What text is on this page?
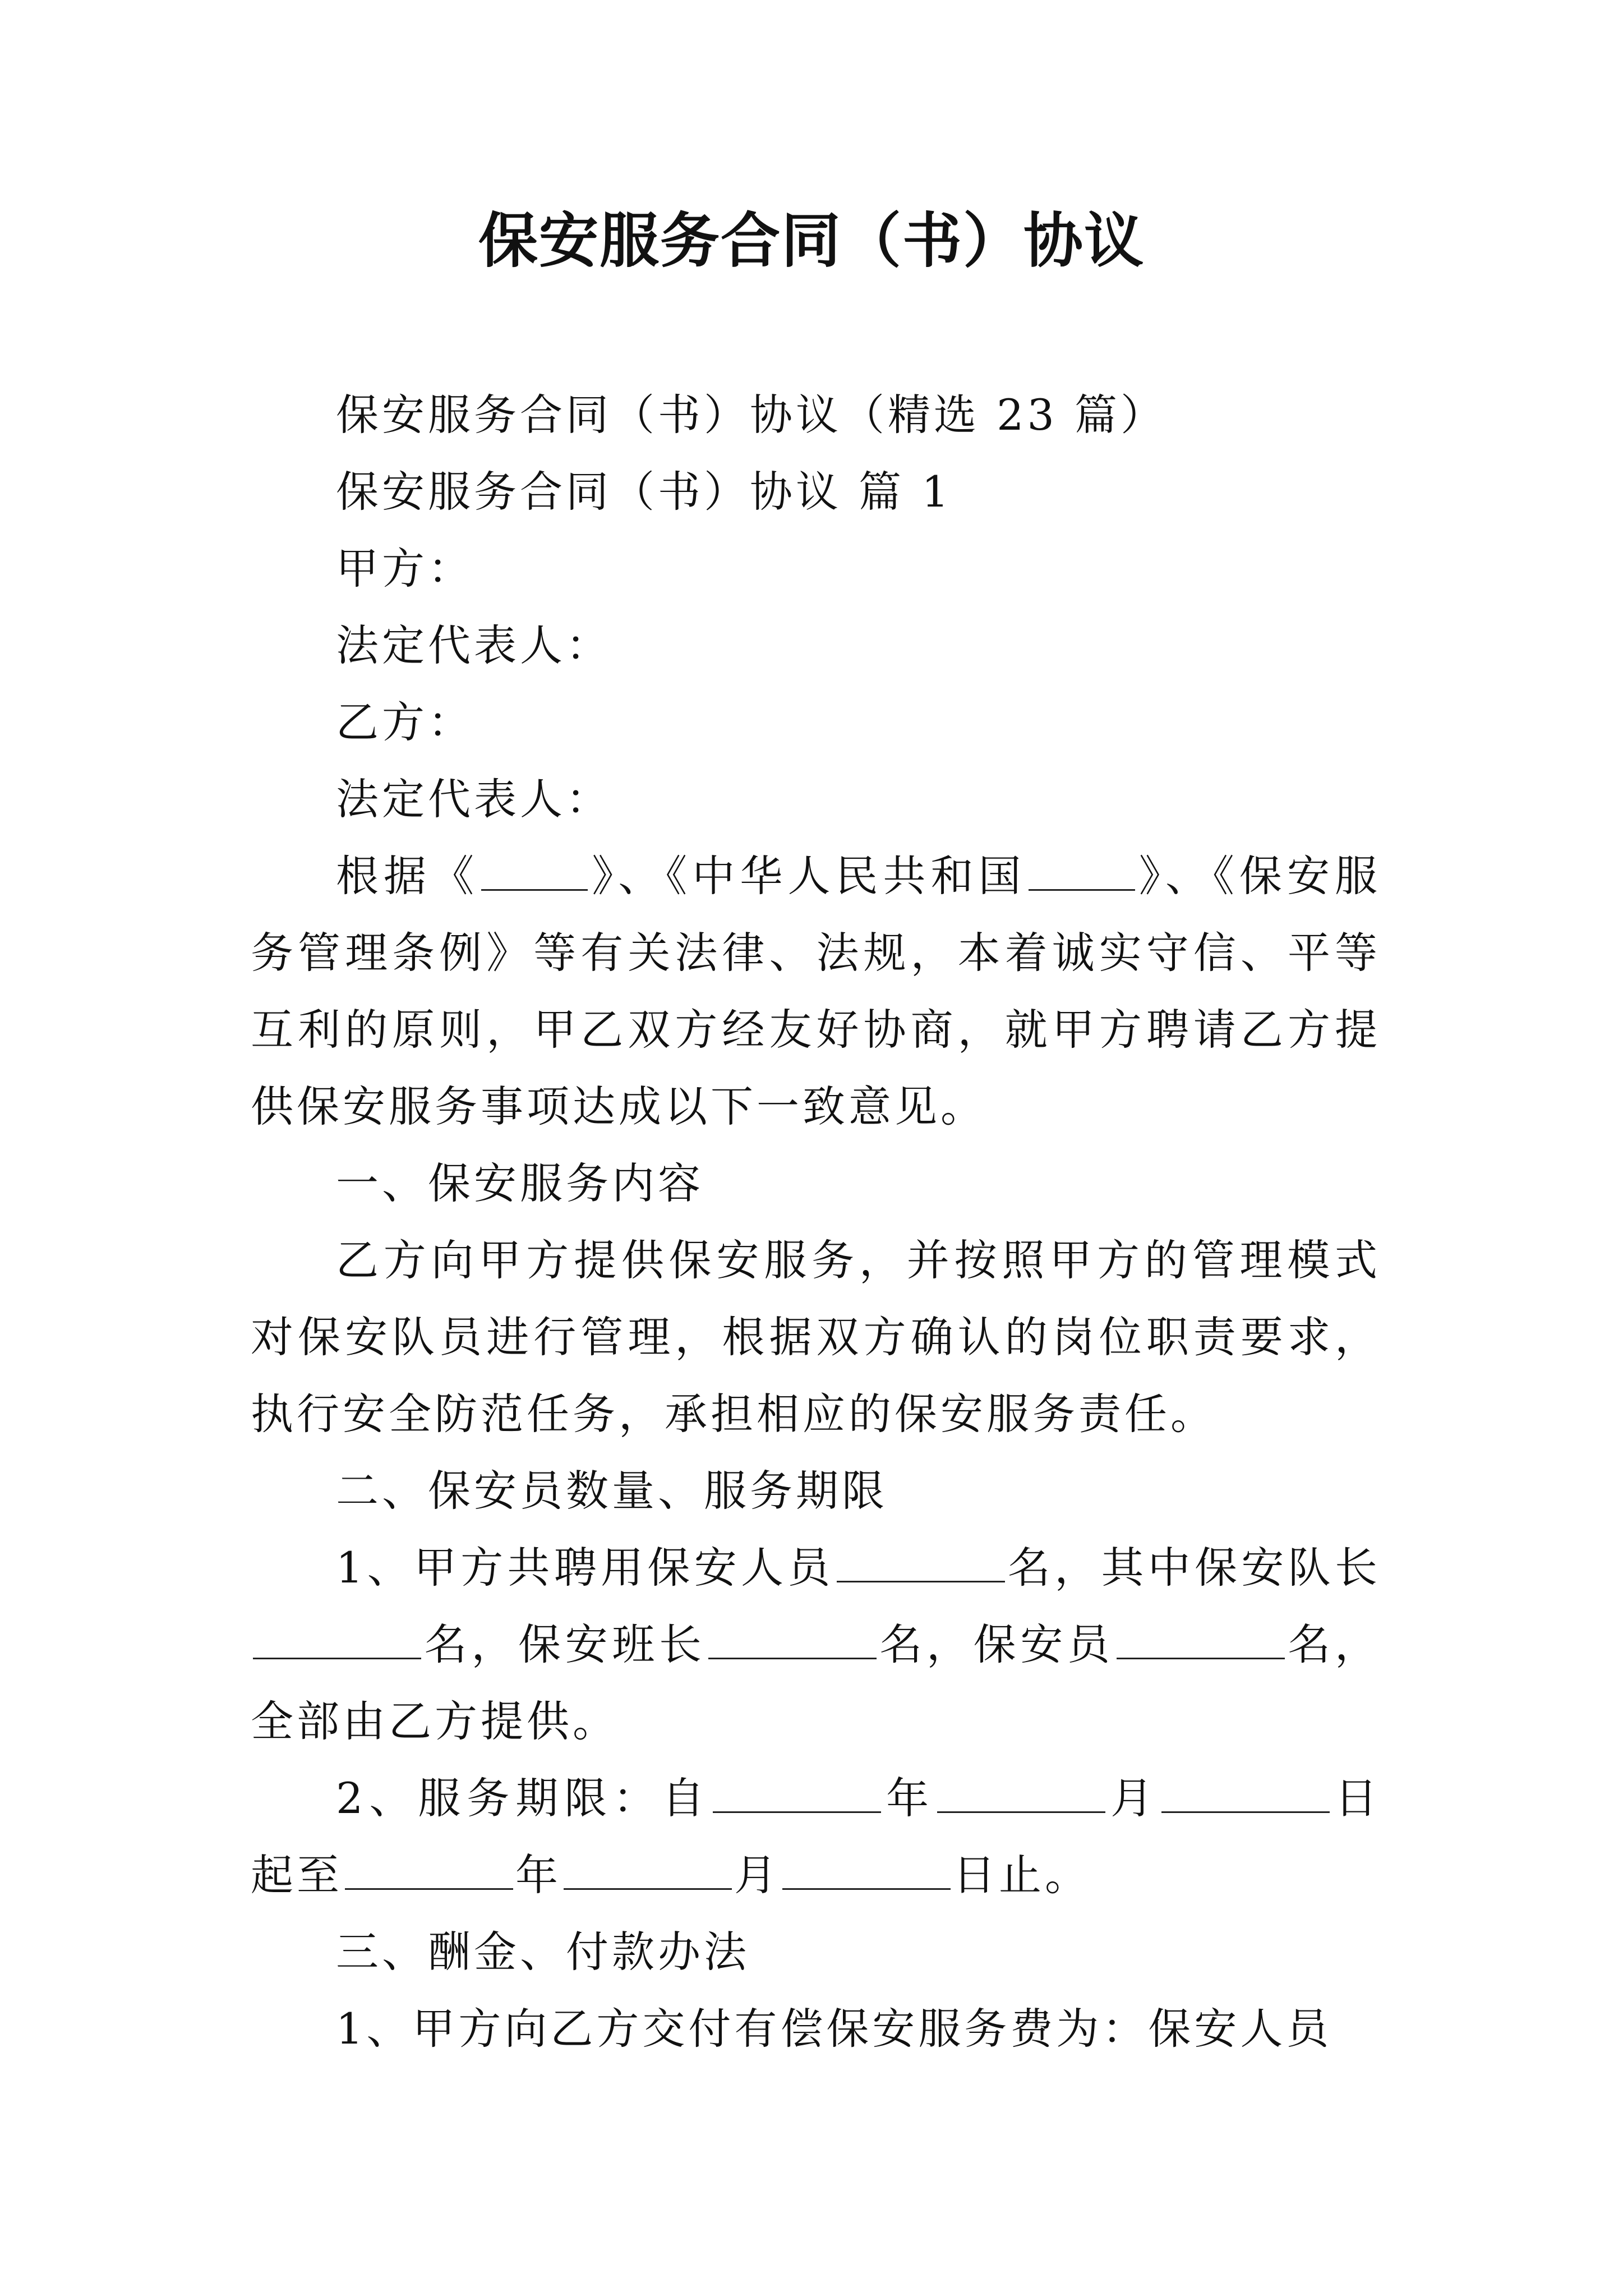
保安服务合同（书）协议

保安服务合同（书）协议（精选 23 篇）

保安服务合同（书）协议 篇 1

甲方：

法定代表人：

乙方：

法定代表人：

根据《	》、《中华人民共和国	》、《保安服务管理条例》等有关法律、法规，本着诚实守信、平等互利的原则，甲乙双方经友好协商，就甲方聘请乙方提供保安服务事项达成以下一致意见。

一、保安服务内容

乙方向甲方提供保安服务，并按照甲方的管理模式对保安队员进行管理，根据双方确认的岗位职责要求，执行安全防范任务，承担相应的保安服务责任。

二、保安员数量、服务期限

1、甲方共聘用保安人员	名，其中保安队长名，保安班长	名，保安员	名，全部由乙方提供。

2、服务期限：自	年	月	日起至	年	月	日止。

三、酬金、付款办法

1、甲方向乙方交付有偿保安服务费为：保安人员
